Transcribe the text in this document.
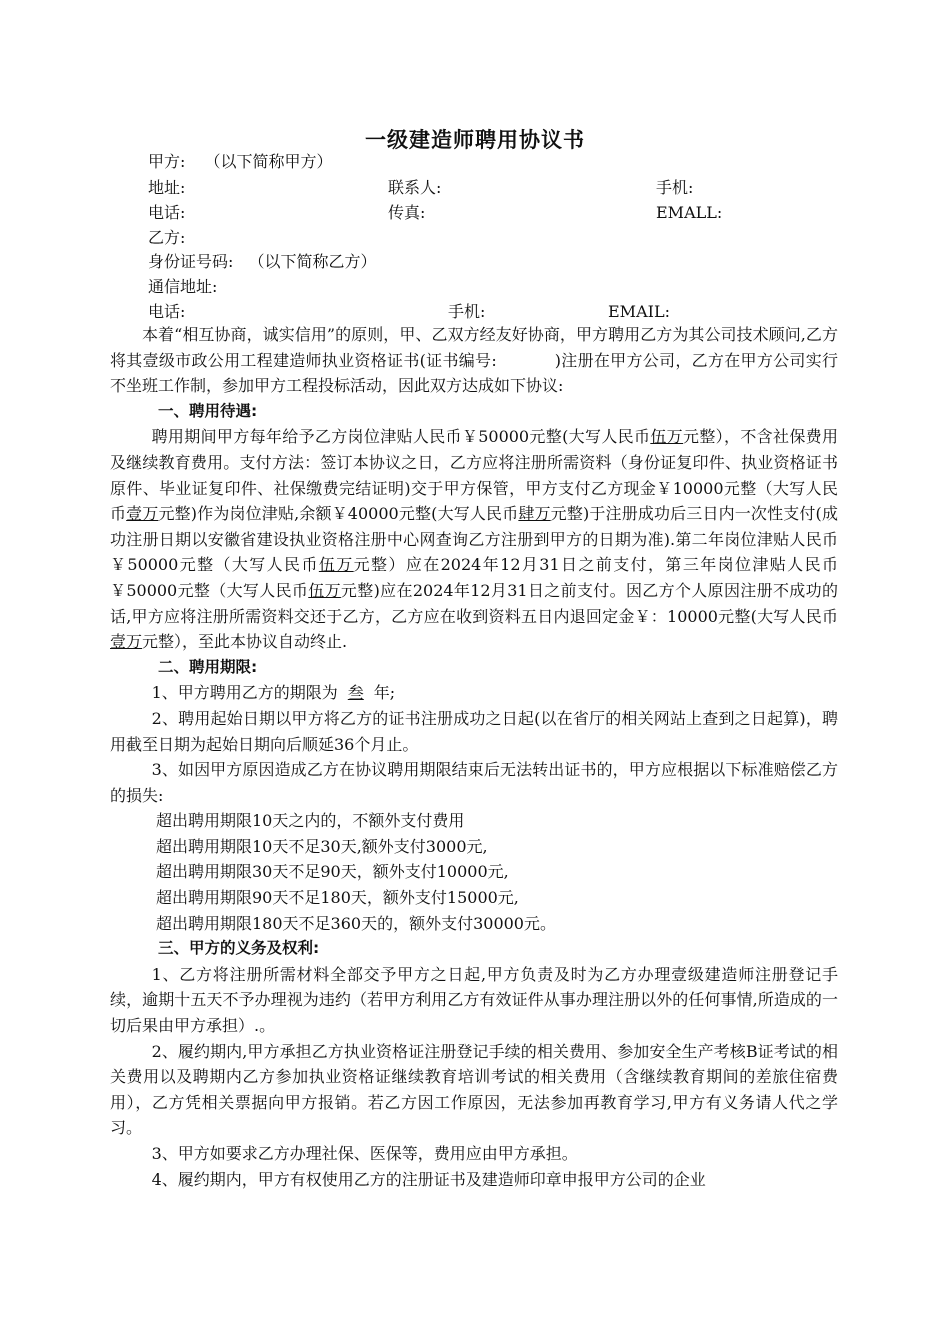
一级建造师聘用协议书
甲方: （以下简称甲方）
地址:	联系人:	手机:
电话:	传真:	EMALL:
乙方:
身份证号码: （以下简称乙方）
通信地址:
电话:	手机:	EMAIL:

本着“相互协商，诚实信用”的原则，甲、乙双方经友好协商，甲方聘用乙方为其公司技术顾问,乙方将其壹级市政公用工程建造师执业资格证书(证书编号:	)注册在甲方公司，乙方在甲方公司实行不坐班工作制，参加甲方工程投标活动，因此双方达成如下协议:

一、聘用待遇:

聘用期间甲方每年给予乙方岗位津贴人民币￥50000元整(大写人民币伍万元整），不含社保费用及继续教育费用。支付方法：签订本协议之日，乙方应将注册所需资料（身份证复印件、执业资格证书原件、毕业证复印件、社保缴费完结证明)交于甲方保管，甲方支付乙方现金￥10000元整（大写人民币壹万元整)作为岗位津贴,余额￥40000元整(大写人民币肆万元整)于注册成功后三日内一次性支付(成功注册日期以安徽省建设执业资格注册中心网查询乙方注册到甲方的日期为准).第二年岗位津贴人民币￥50000元整（大写人民币伍万元整）应在2024年12月31日之前支付，第三年岗位津贴人民币￥50000元整（大写人民币伍万元整)应在2024年12月31日之前支付。因乙方个人原因注册不成功的话,甲方应将注册所需资料交还于乙方，乙方应在收到资料五日内退回定金￥：10000元整(大写人民币壹万元整），至此本协议自动终止.

二、聘用期限:

1、甲方聘用乙方的期限为 叁 年;

2、聘用起始日期以甲方将乙方的证书注册成功之日起(以在省厅的相关网站上查到之日起算)，聘用截至日期为起始日期向后顺延36个月止。

3、如因甲方原因造成乙方在协议聘用期限结束后无法转出证书的，甲方应根据以下标准赔偿乙方的损失:

超出聘用期限10天之内的，不额外支付费用

超出聘用期限10天不足30天,额外支付3000元,

超出聘用期限30天不足90天，额外支付10000元,

超出聘用期限90天不足180天，额外支付15000元,

超出聘用期限180天不足360天的，额外支付30000元。

三、甲方的义务及权利:

1、乙方将注册所需材料全部交予甲方之日起,甲方负责及时为乙方办理壹级建造师注册登记手续，逾期十五天不予办理视为违约（若甲方利用乙方有效证件从事办理注册以外的任何事情,所造成的一切后果由甲方承担）.。

2、履约期内,甲方承担乙方执业资格证注册登记手续的相关费用、参加安全生产考核B证考试的相关费用以及聘期内乙方参加执业资格证继续教育培训考试的相关费用（含继续教育期间的差旅住宿费用），乙方凭相关票据向甲方报销。若乙方因工作原因，无法参加再教育学习,甲方有义务请人代之学习。

3、甲方如要求乙方办理社保、医保等，费用应由甲方承担。

4、履约期内，甲方有权使用乙方的注册证书及建造师印章申报甲方公司的企业
